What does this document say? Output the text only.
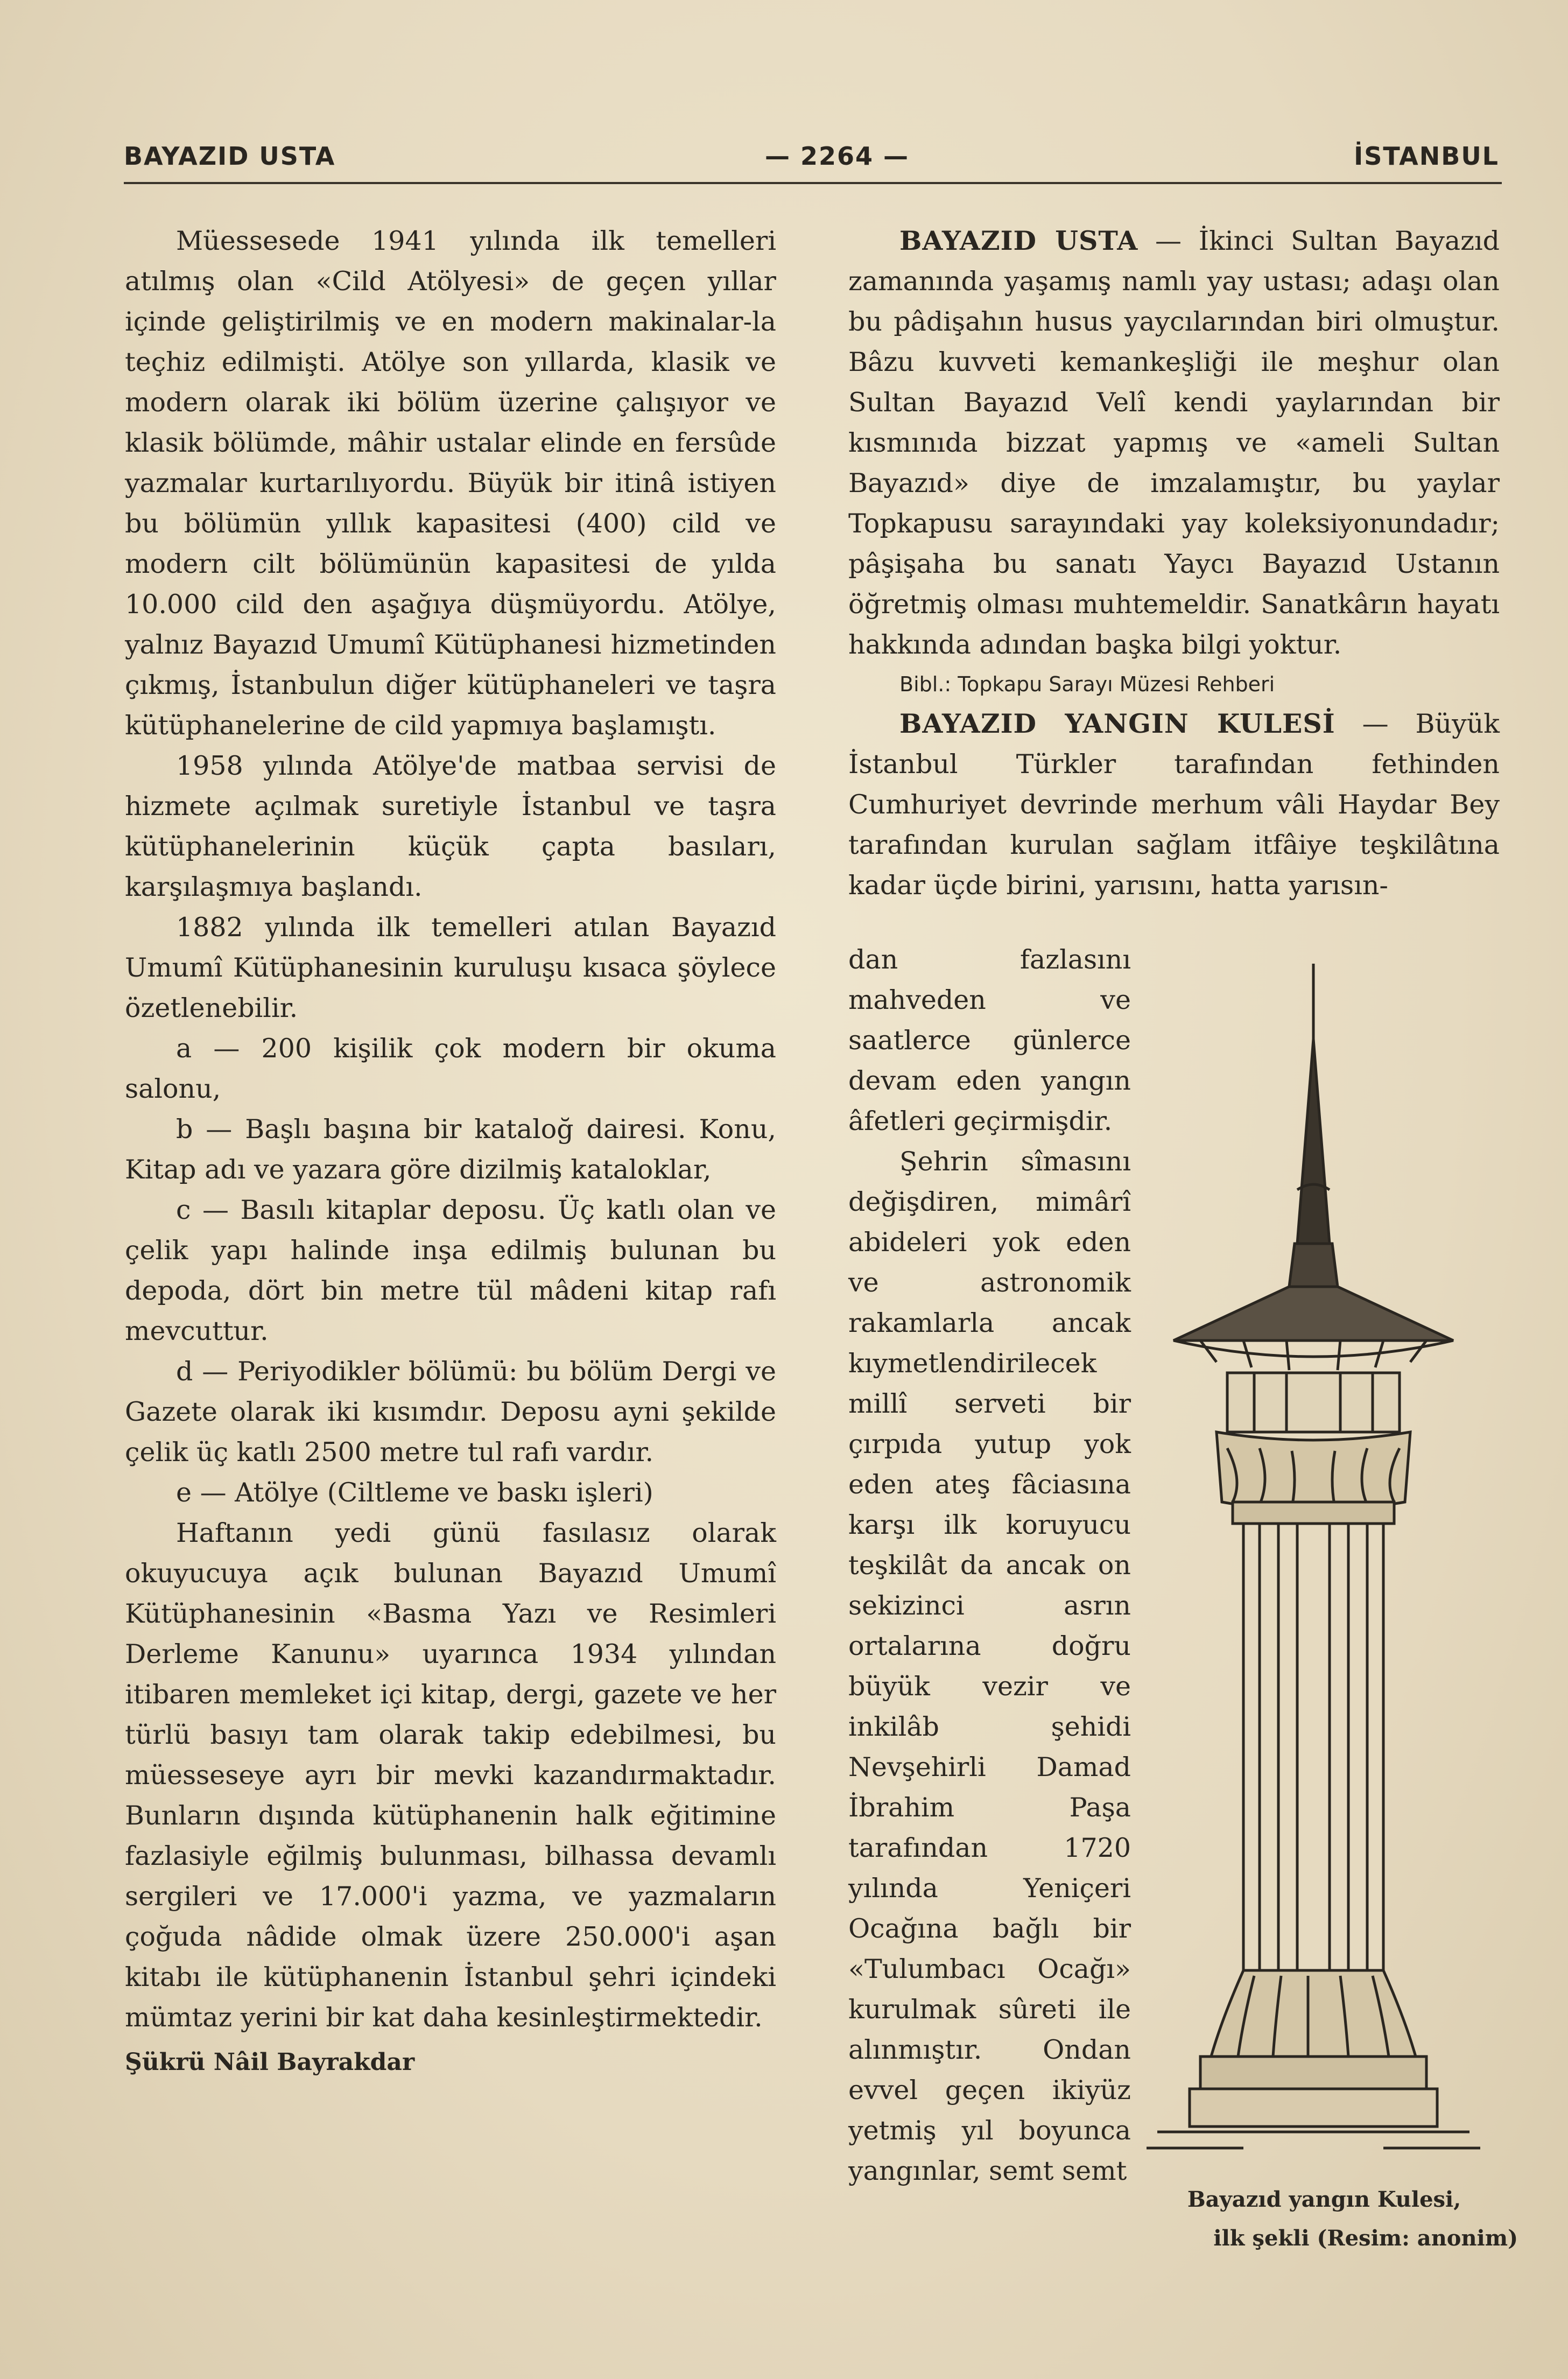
BAYAZID USTA	— 2264 —	İSTANBUL

Müessesede 1941 yılında ilk temelleri atılmış olan «Cild Atölyesi» de geçen yıllar içinde geliştirilmiş ve en modern makinalar-la teçhiz edilmişti. Atölye son yıllarda, klasik ve modern olarak iki bölüm üzerine çalışıyor ve klasik bölümde, mâhir ustalar elinde en fersûde yazmalar kurtarılıyordu. Büyük bir itinâ istiyen bu bölümün yıllık kapasitesi (400) cild ve modern cilt bölümünün kapasitesi de yılda 10.000 cild den aşağıya düşmüyordu. Atölye, yalnız Bayazıd Umumî Kütüphanesi hizmetinden çıkmış, İstanbulun diğer kütüphaneleri ve taşra kütüphanelerine de cild yapmıya başlamıştı.

1958 yılında Atölye'de matbaa servisi de hizmete açılmak suretiyle İstanbul ve taşra kütüphanelerinin küçük çapta basıları, karşılaşmıya başlandı.

1882 yılında ilk temelleri atılan Bayazıd Umumî Kütüphanesinin kuruluşu kısaca şöylece özetlenebilir.

a — 200 kişilik çok modern bir okuma salonu,

b — Başlı başına bir kataloğ dairesi. Konu, Kitap adı ve yazara göre dizilmiş kataloklar,

c — Basılı kitaplar deposu. Üç katlı olan ve çelik yapı halinde inşa edilmiş bulunan bu depoda, dört bin metre tül mâdeni kitap rafı mevcuttur.

d — Periyodikler bölümü: bu bölüm Dergi ve Gazete olarak iki kısımdır. Deposu ayni şekilde çelik üç katlı 2500 metre tul rafı vardır.

e — Atölye (Ciltleme ve baskı işleri)

Haftanın yedi günü fasılasız olarak okuyucuya açık bulunan Bayazıd Umumî Kütüphanesinin «Basma Yazı ve Resimleri Derleme Kanunu» uyarınca 1934 yılından itibaren memleket içi kitap, dergi, gazete ve her türlü basıyı tam olarak takip edebilmesi, bu müesseseye ayrı bir mevki kazandırmaktadır. Bunların dışında kütüphanenin halk eğitimine fazlasiyle eğilmiş bulunması, bilhassa devamlı sergileri ve 17.000'i yazma, ve yazmaların çoğuda nâdide olmak üzere 250.000'i aşan kitabı ile kütüphanenin İstanbul şehri içindeki mümtaz yerini bir kat daha kesinleştirmektedir.

Şükrü Nâil Bayrakdar

BAYAZID USTA — İkinci Sultan Bayazıd zamanında yaşamış namlı yay ustası; adaşı olan bu pâdişahın husus yaycılarından biri olmuştur. Bâzu kuvveti kemankeşliği ile meşhur olan Sultan Bayazıd Velî kendi yaylarından bir kısmınıda bizzat yapmış ve «ameli Sultan Bayazıd» diye de imzalamıştır, bu yaylar Topkapusu sarayındaki yay koleksiyonundadır; pâşişaha bu sanatı Yaycı Bayazıd Ustanın öğretmiş olması muhtemeldir. Sanatkârın hayatı hakkında adından başka bilgi yoktur.

Bibl.: Topkapu Sarayı Müzesi Rehberi

BAYAZID YANGIN KULESİ — Büyük İstanbul Türkler tarafından fethinden Cumhuriyet devrinde merhum vâli Haydar Bey tarafından kurulan sağlam itfâiye teşkilâtına kadar üçde birini, yarısını, hatta yarısın-

dan fazlasını mahveden ve saatlerce günlerce devam eden yangın âfetleri geçirmişdir.

Şehrin sîmasını değişdiren, mimârî abideleri yok eden ve astronomik rakamlarla ancak kıymetlendirilecek millî serveti bir çırpıda yutup yok eden ateş fâciasına karşı ilk koruyucu teşkilât da ancak on sekizinci asrın ortalarına doğru büyük vezir ve inkilâb şehidi Nevşehirli Damad İbrahim Paşa tarafından 1720 yılında Yeniçeri Ocağına bağlı bir «Tulumbacı Ocağı» kurulmak sûreti ile alınmıştır. Ondan evvel geçen ikiyüz yetmiş yıl boyunca yangınlar, semt semt

Bayazıd yangın Kulesi,
ilk şekli (Resim: anonim)
